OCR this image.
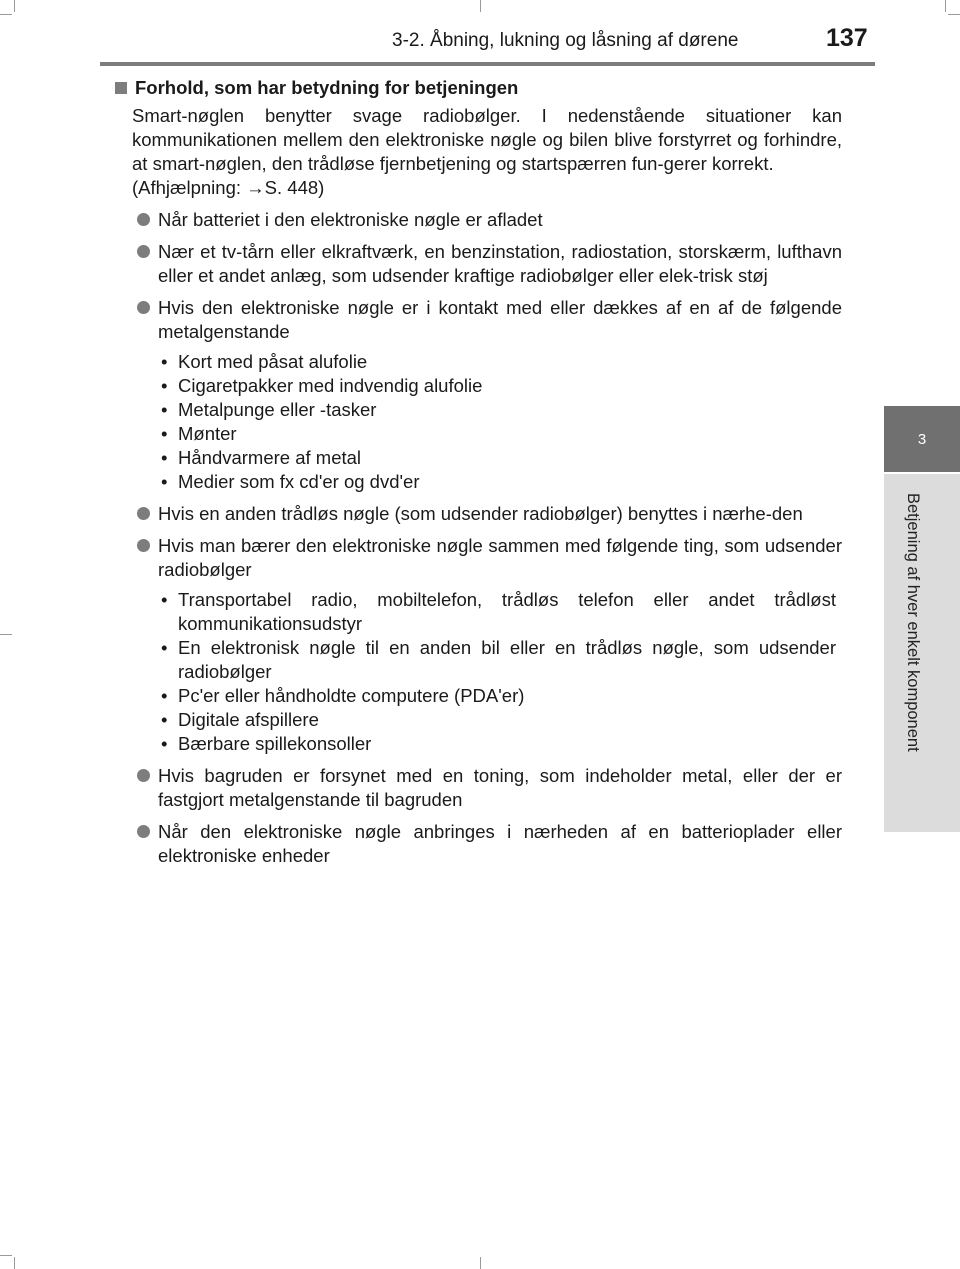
3-2. Åbning, lukning og låsning af dørene	137
3
Betjening af hver enkelt komponent
Forhold, som har betydning for betjeningen

Smart-nøglen benytter svage radiobølger. I nedenstående situationer kan kommunikationen mellem den elektroniske nøgle og bilen blive forstyrret og forhindre, at smart-nøglen, den trådløse fjernbetjening og startspærren fun-gerer korrekt.

(Afhjælpning: →S. 448)

Når batteriet i den elektroniske nøgle er afladet
Nær et tv-tårn eller elkraftværk, en benzinstation, radiostation, storskærm, lufthavn eller et andet anlæg, som udsender kraftige radiobølger eller elek-trisk støj
Hvis den elektroniske nøgle er i kontakt med eller dækkes af en af de følgende metalgenstande
• Kort med påsat alufolie
• Cigaretpakker med indvendig alufolie
• Metalpunge eller -tasker
• Mønter
• Håndvarmere af metal
• Medier som fx cd'er og dvd'er
Hvis en anden trådløs nøgle (som udsender radiobølger) benyttes i nærhe-den
Hvis man bærer den elektroniske nøgle sammen med følgende ting, som udsender radiobølger
• Transportabel radio, mobiltelefon, trådløs telefon eller andet trådløst kommunikationsudstyr
• En elektronisk nøgle til en anden bil eller en trådløs nøgle, som udsender radiobølger
• Pc'er eller håndholdte computere (PDA'er)
• Digitale afspillere
• Bærbare spillekonsoller
Hvis bagruden er forsynet med en toning, som indeholder metal, eller der er fastgjort metalgenstande til bagruden
Når den elektroniske nøgle anbringes i nærheden af en batterioplader eller elektroniske enheder
